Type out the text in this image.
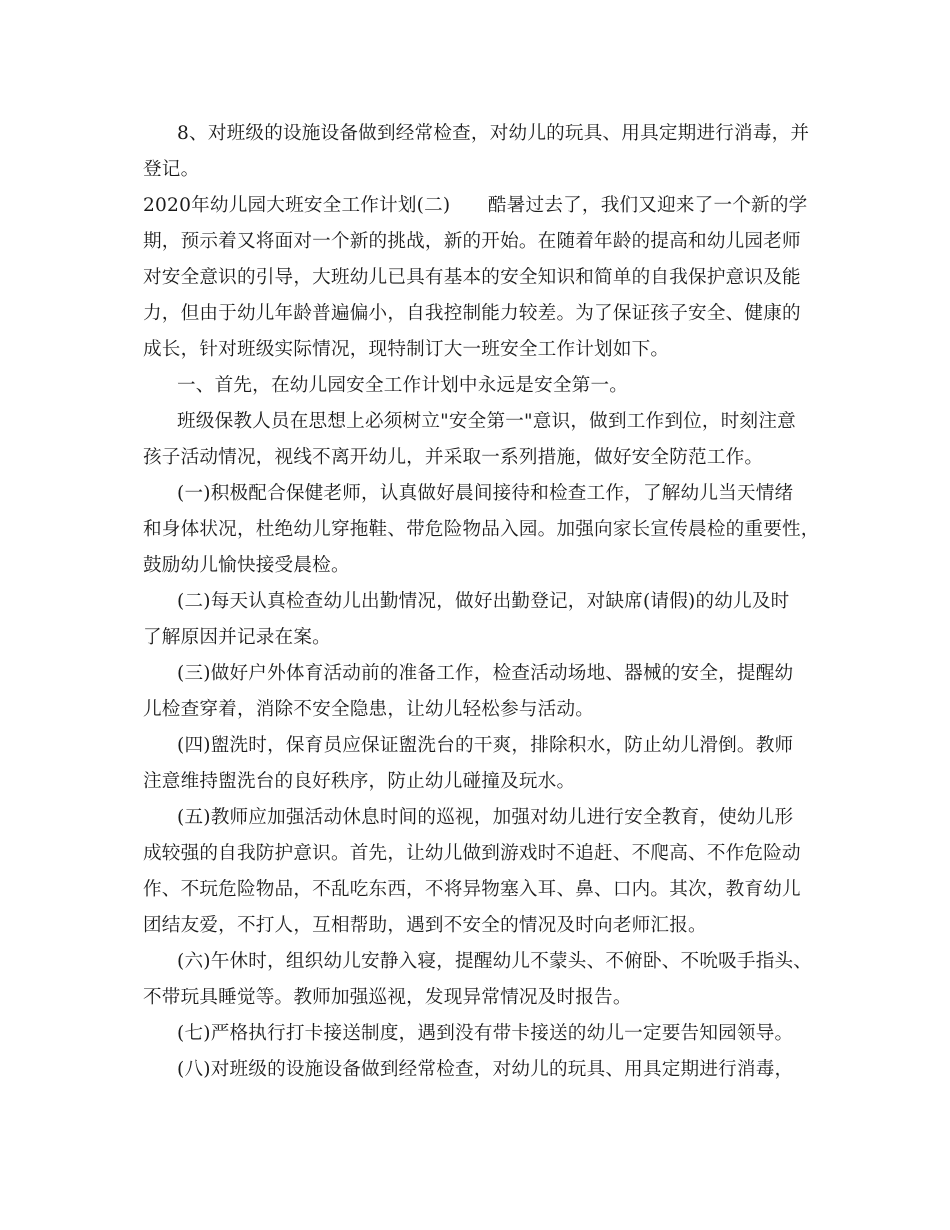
8、对班级的设施设备做到经常检查，对幼儿的玩具、用具定期进行消毒，并
登记。
2020年幼儿园大班安全工作计划(二)　　酷暑过去了，我们又迎来了一个新的学
期，预示着又将面对一个新的挑战，新的开始。在随着年龄的提高和幼儿园老师
对安全意识的引导，大班幼儿已具有基本的安全知识和简单的自我保护意识及能
力，但由于幼儿年龄普遍偏小，自我控制能力较差。为了保证孩子安全、健康的
成长，针对班级实际情况，现特制订大一班安全工作计划如下。
一、首先，在幼儿园安全工作计划中永远是安全第一。
班级保教人员在思想上必须树立"安全第一"意识，做到工作到位，时刻注意
孩子活动情况，视线不离开幼儿，并采取一系列措施，做好安全防范工作。
(一)积极配合保健老师，认真做好晨间接待和检查工作，了解幼儿当天情绪
和身体状况，杜绝幼儿穿拖鞋、带危险物品入园。加强向家长宣传晨检的重要性，
鼓励幼儿愉快接受晨检。
(二)每天认真检查幼儿出勤情况，做好出勤登记，对缺席(请假)的幼儿及时
了解原因并记录在案。
(三)做好户外体育活动前的准备工作，检查活动场地、器械的安全，提醒幼
儿检查穿着，消除不安全隐患，让幼儿轻松参与活动。
(四)盥洗时，保育员应保证盥洗台的干爽，排除积水，防止幼儿滑倒。教师
注意维持盥洗台的良好秩序，防止幼儿碰撞及玩水。
(五)教师应加强活动休息时间的巡视，加强对幼儿进行安全教育，使幼儿形
成较强的自我防护意识。首先，让幼儿做到游戏时不追赶、不爬高、不作危险动
作、不玩危险物品，不乱吃东西，不将异物塞入耳、鼻、口内。其次，教育幼儿
团结友爱，不打人，互相帮助，遇到不安全的情况及时向老师汇报。
(六)午休时，组织幼儿安静入寝，提醒幼儿不蒙头、不俯卧、不吮吸手指头、
不带玩具睡觉等。教师加强巡视，发现异常情况及时报告。
(七)严格执行打卡接送制度，遇到没有带卡接送的幼儿一定要告知园领导。
(八)对班级的设施设备做到经常检查，对幼儿的玩具、用具定期进行消毒，
